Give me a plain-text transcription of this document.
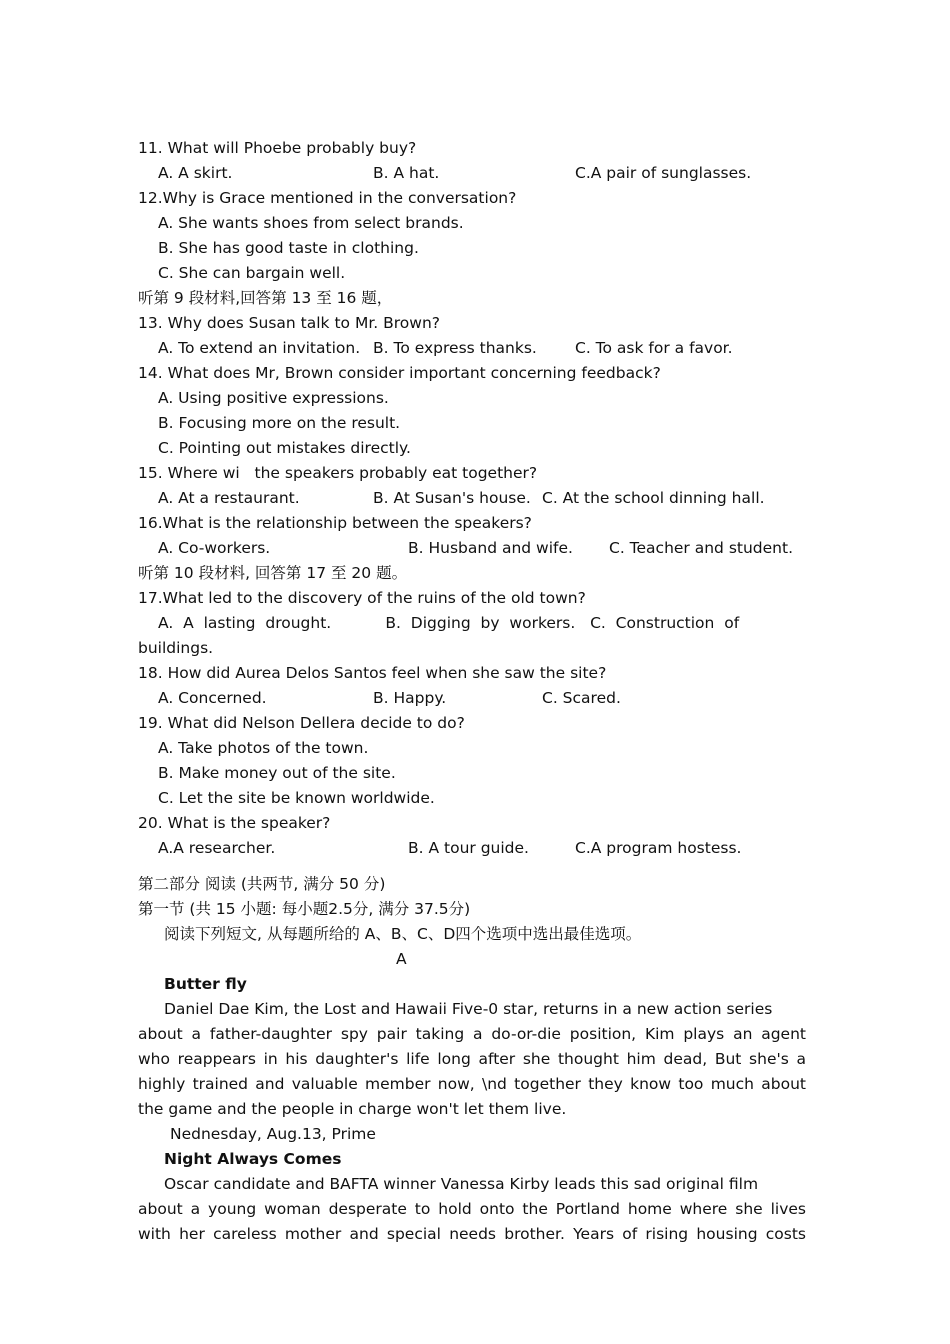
11. What will Phoebe probably buy?
A. A skirt.	B. A hat.	C.A pair of sunglasses.
12.Why is Grace mentioned in the conversation?
A. She wants shoes from select brands.
B. She has good taste in clothing.
C. She can bargain well.
听第 9 段材料,回答第 13 至 16 题，
13. Why does Susan talk to Mr. Brown?
A. To extend an invitation. B. To express thanks. C. To ask for a favor.
14. What does Mr, Brown consider important concerning feedback?
A. Using positive expressions.
B. Focusing more on the result.
C. Pointing out mistakes directly.
15. Where wi   the speakers probably eat together?
A. At a restaurant.	B. At Susan's house. C. At the school dinning hall.
16.What is the relationship between the speakers?
A. Co-workers.	B. Husband and wife. C. Teacher and student.
听第 10 段材料, 回答第 17 至 20 题。
17.What led to the discovery of the ruins of the old town?
A.  A  lasting  drought.           B.  Digging  by  workers.   C.  Construction  of
buildings.
18. How did Aurea Delos Santos feel when she saw the site?
A. Concerned.	B. Happy.	C. Scared.
19. What did Nelson Dellera decide to do?
A. Take photos of the town.
B. Make money out of the site.
C. Let the site be known worldwide.
20. What is the speaker?
A.A researcher.	B. A tour guide.	C.A program hostess.
第二部分 阅读 (共两节, 满分 50 分)
第一节 (共 15 小题: 每小题2.5分, 满分 37.5分)
阅读下列短文, 从每题所给的 A、B、C、D四个选项中选出最佳选项。
A
Butter fly
Daniel Dae Kim, the Lost and Hawaii Five-0 star, returns in a new action series
about a father-daughter spy pair taking a do-or-die position, Kim plays an agent
who reappears in his daughter's life long after she thought him dead, But she's a
highly trained and valuable member now, \nd together they know too much about
the game and the people in charge won't let them live.
Nednesday, Aug.13, Prime
Night Always Comes
Oscar candidate and BAFTA winner Vanessa Kirby leads this sad original film
about a young woman desperate to hold onto the Portland home where she lives
with her careless mother and special needs brother. Years of rising housing costs
